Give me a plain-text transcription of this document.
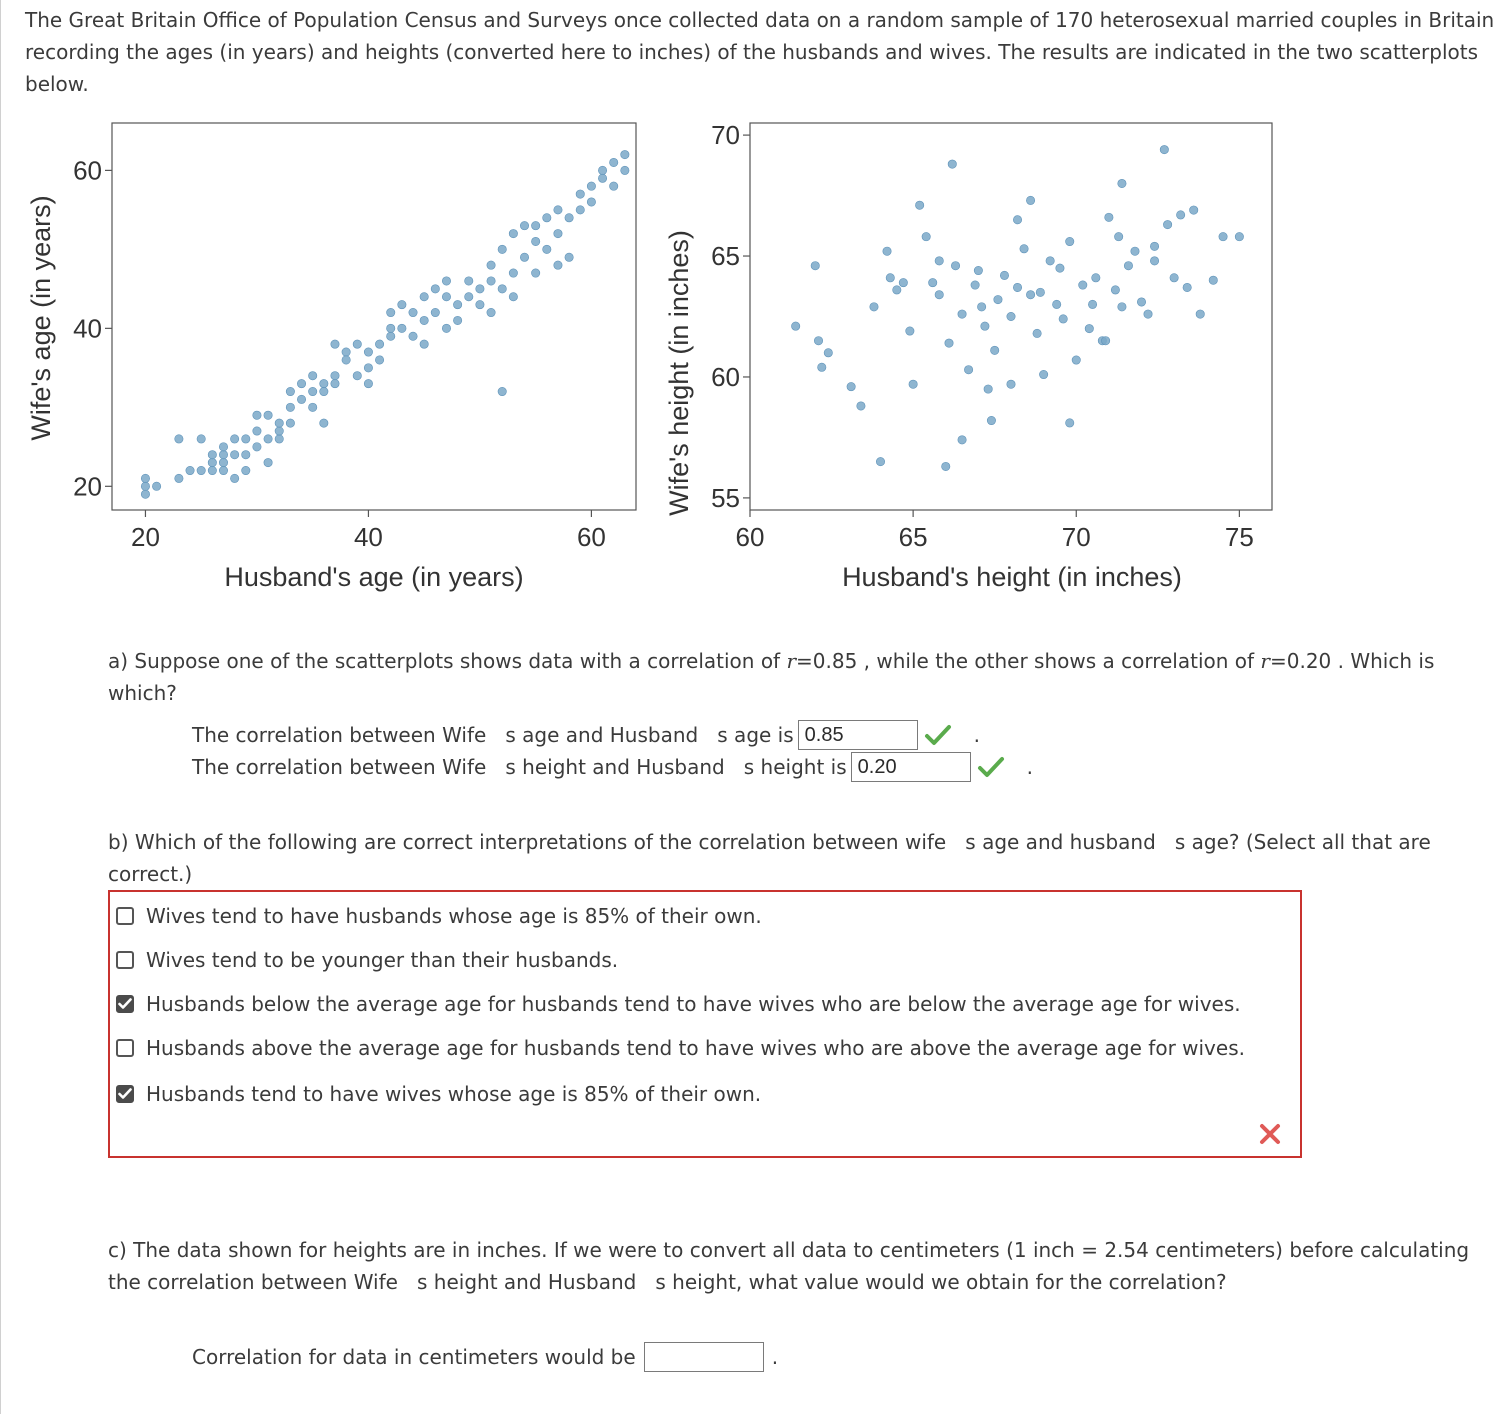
The Great Britain Office of Population Census and Surveys once collected data on a random sample of 170 heterosexual married couples in Britain recording the ages (in years) and heights (converted here to inches) of the husbands and wives. The results are indicated in the two scatterplots below.

Wife's age (in years)
Husband's age (in years)
20	40	60
20
40
60
Wife's height (in inches)
Husband's height (in inches)
60	65	70	75
55
60
65
70

a) Suppose one of the scatterplots shows data with a correlation of r=0.85 , while the other shows a correlation of r=0.20 . Which is which?

The correlation between Wife   s age and Husband   s age is 0.85	.
The correlation between Wife   s height and Husband   s height is 0.20	.

b) Which of the following are correct interpretations of the correlation between wife   s age and husband   s age? (Select all that are correct.)

Wives tend to have husbands whose age is 85% of their own.
Wives tend to be younger than their husbands.
Husbands below the average age for husbands tend to have wives who are below the average age for wives.
Husbands above the average age for husbands tend to have wives who are above the average age for wives.
Husbands tend to have wives whose age is 85% of their own.

c) The data shown for heights are in inches. If we were to convert all data to centimeters (1 inch = 2.54 centimeters) before calculating the correlation between Wife   s height and Husband   s height, what value would we obtain for the correlation?

Correlation for data in centimeters would be	.
